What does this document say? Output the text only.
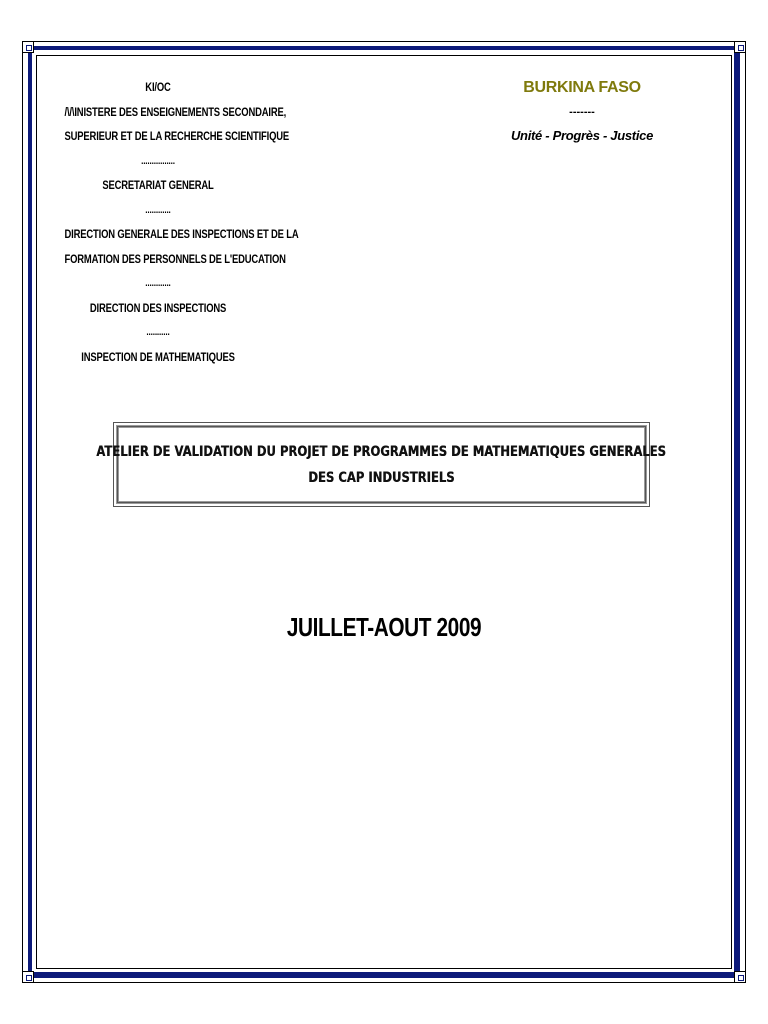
KI/OC
/\/\INISTERE DES ENSEIGNEMENTS SECONDAIRE,
SUPERIEUR ET DE LA RECHERCHE SCIENTIFIQUE
................
SECRETARIAT GENERAL
............
DIRECTION GENERALE DES INSPECTIONS ET DE LA
FORMATION DES PERSONNELS DE L'EDUCATION
............
DIRECTION DES INSPECTIONS
...........
INSPECTION DE MATHEMATIQUES
BURKINA FASO
-------
Unité - Progrès - Justice
ATELIER DE VALIDATION DU PROJET DE PROGRAMMES DE MATHEMATIQUES GENERALES
DES CAP INDUSTRIELS
JUILLET-AOUT 2009
